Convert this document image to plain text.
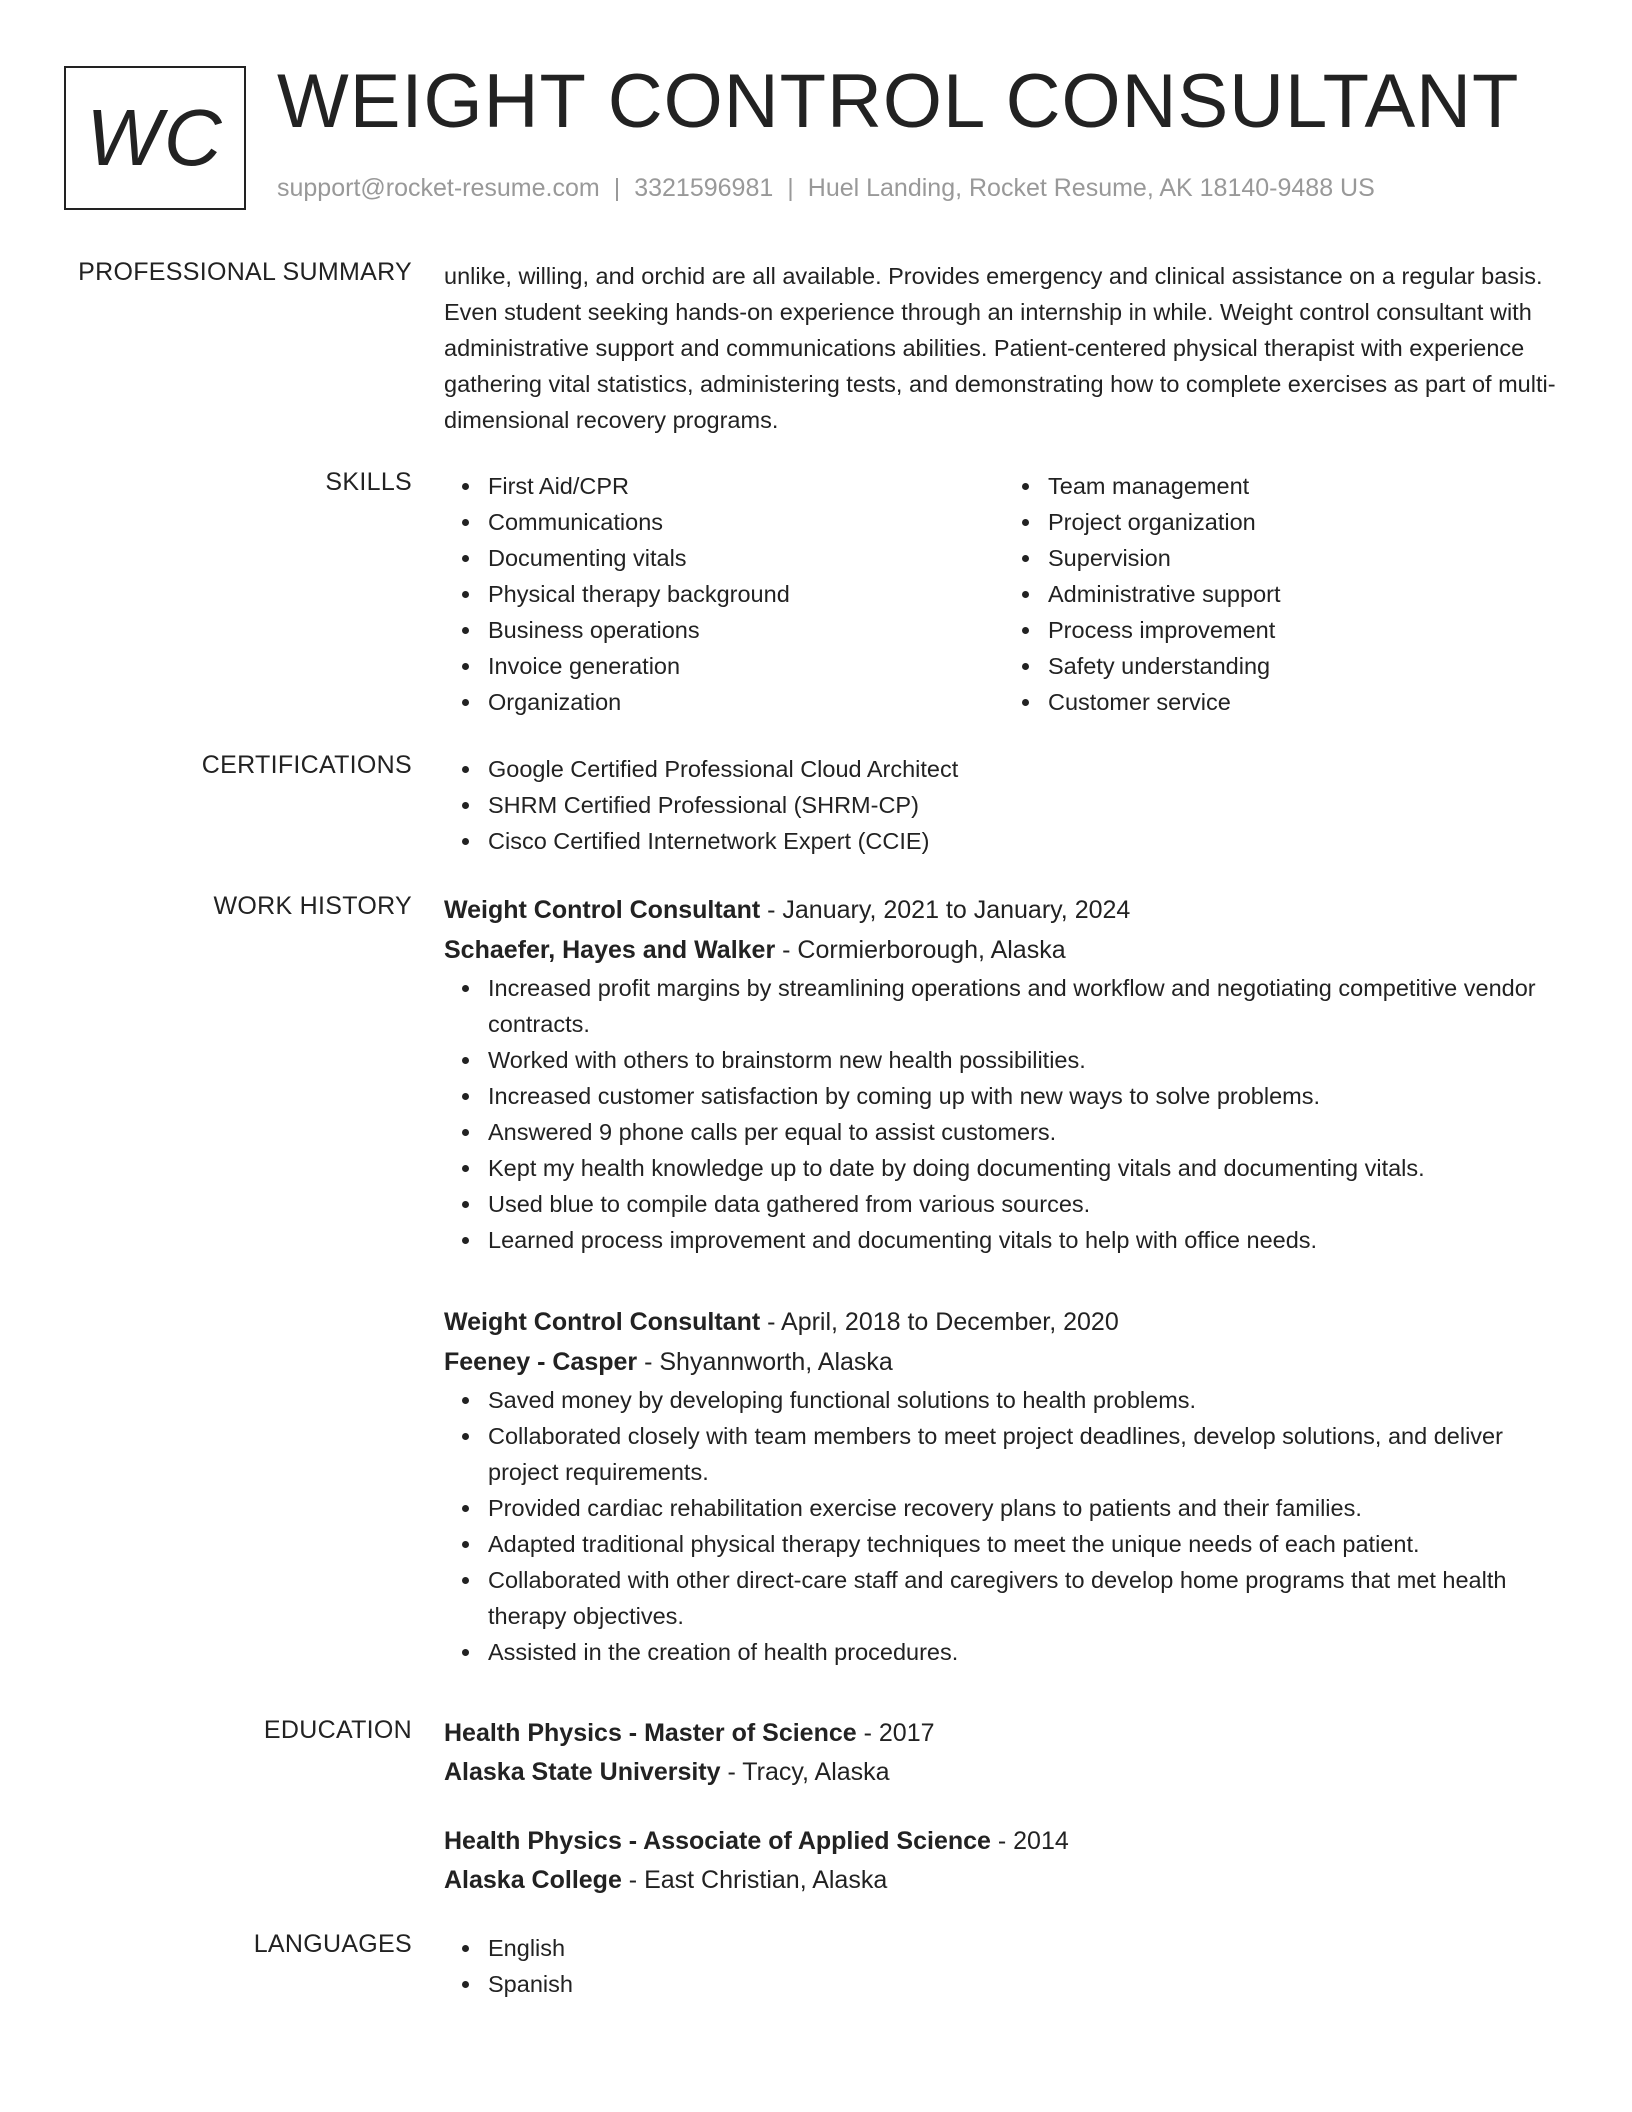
WC WEIGHT CONTROL CONSULTANT
support@rocket-resume.com | 3321596981 | Huel Landing, Rocket Resume, AK 18140-9488 US
PROFESSIONAL SUMMARY unlike, willing, and orchid are all available. Provides emergency and clinical assistance on a regular basis. Even student seeking hands-on experience through an internship in while. Weight control consultant with administrative support and communications abilities. Patient-centered physical therapist with experience gathering vital statistics, administering tests, and demonstrating how to complete exercises as part of multi-dimensional recovery programs.
SKILLS	First Aid/CPR
Communications
Documenting vitals
Physical therapy background
Business operations
Invoice generation
Organization
Team management
Project organization
Supervision
Administrative support
Process improvement
Safety understanding
Customer service
CERTIFICATIONS	Google Certified Professional Cloud Architect
SHRM Certified Professional (SHRM-CP)
Cisco Certified Internetwork Expert (CCIE)
WORK HISTORY Weight Control Consultant - January, 2021 to January, 2024
Schaefer, Hayes and Walker - Cormierborough, Alaska
Increased profit margins by streamlining operations and workflow and negotiating competitive vendor contracts.
Worked with others to brainstorm new health possibilities.
Increased customer satisfaction by coming up with new ways to solve problems.
Answered 9 phone calls per equal to assist customers.
Kept my health knowledge up to date by doing documenting vitals and documenting vitals.
Used blue to compile data gathered from various sources.
Learned process improvement and documenting vitals to help with office needs.
Weight Control Consultant - April, 2018 to December, 2020
Feeney - Casper - Shyannworth, Alaska
Saved money by developing functional solutions to health problems.
Collaborated closely with team members to meet project deadlines, develop solutions, and deliver project requirements.
Provided cardiac rehabilitation exercise recovery plans to patients and their families.
Adapted traditional physical therapy techniques to meet the unique needs of each patient.
Collaborated with other direct-care staff and caregivers to develop home programs that met health therapy objectives.
Assisted in the creation of health procedures.
EDUCATION Health Physics - Master of Science - 2017
Alaska State University - Tracy, Alaska
Health Physics - Associate of Applied Science - 2014
Alaska College - East Christian, Alaska
LANGUAGES	English
Spanish
